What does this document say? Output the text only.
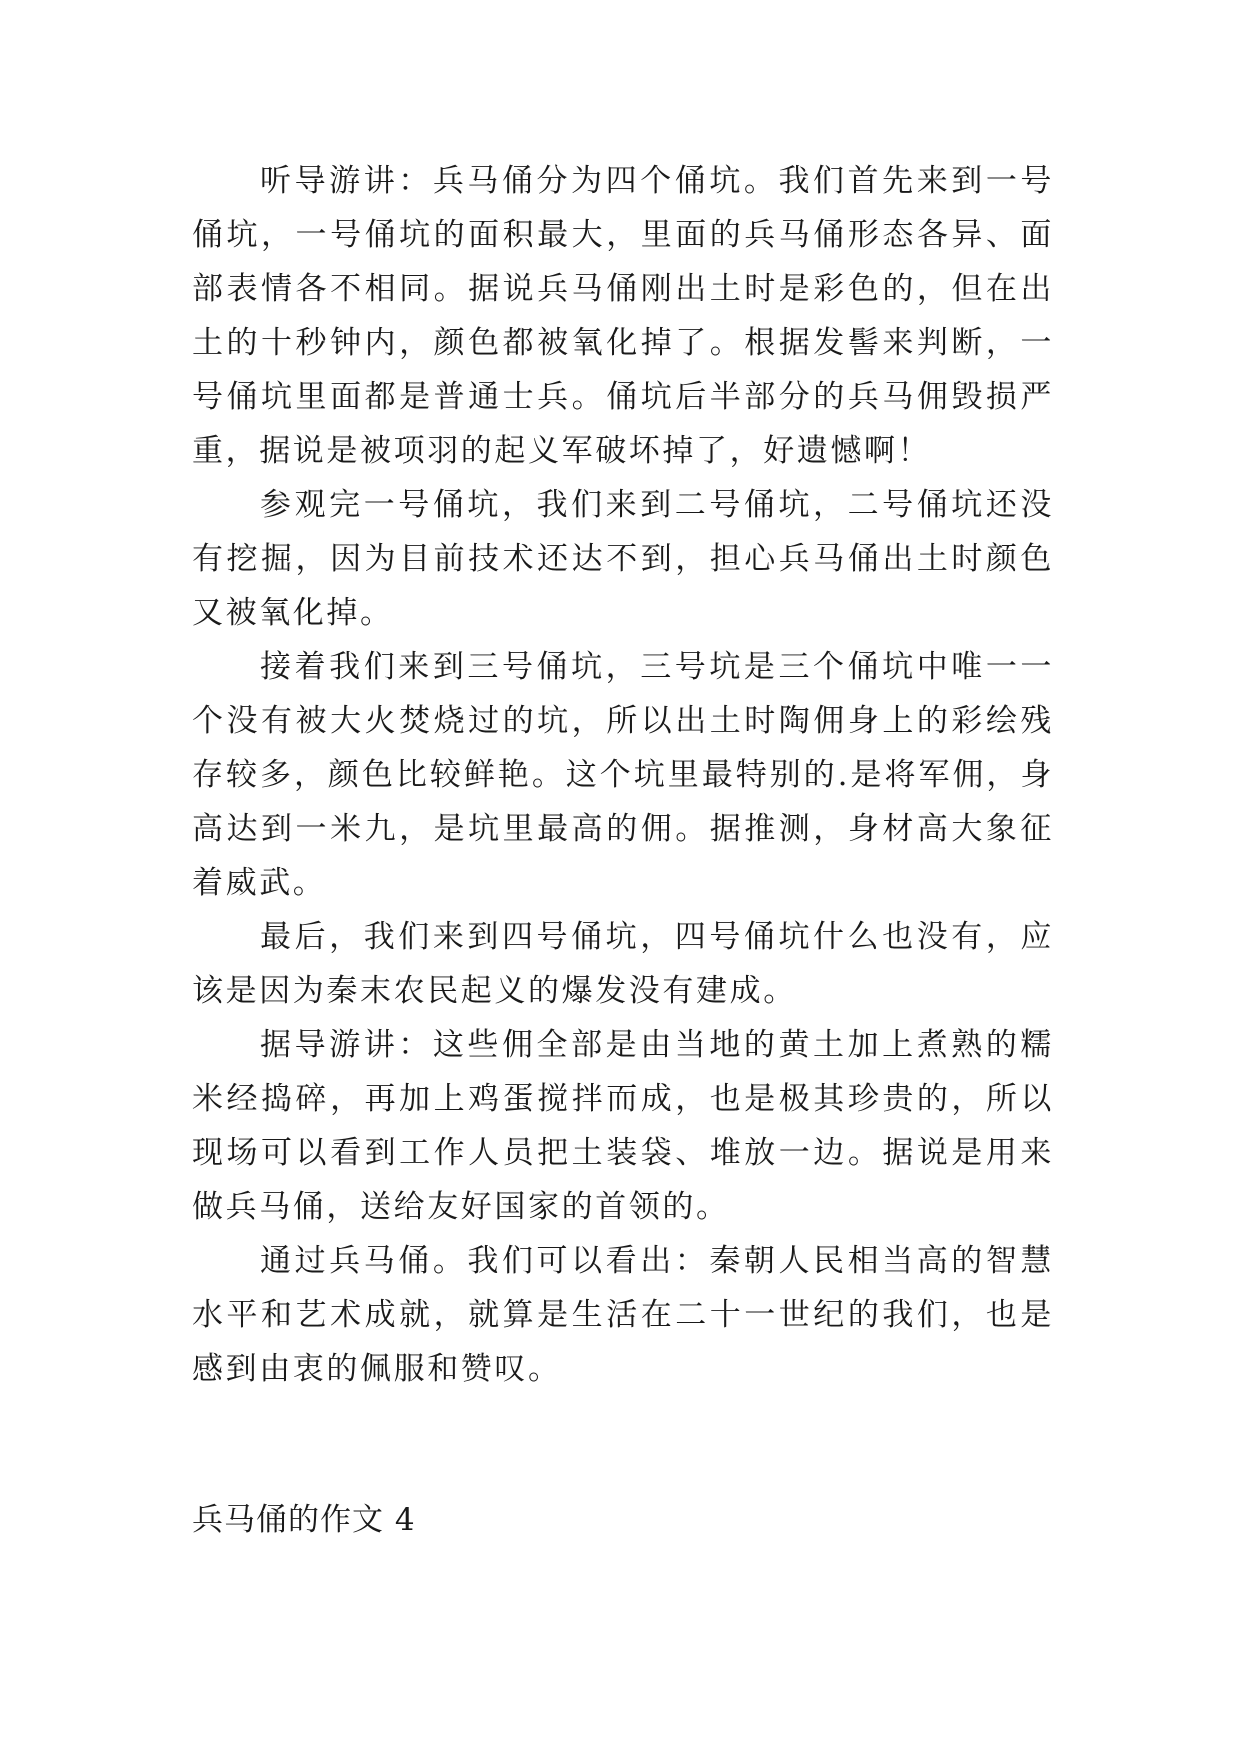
听导游讲：兵马俑分为四个俑坑。我们首先来到一号俑坑，一号俑坑的面积最大，里面的兵马俑形态各异、面部表情各不相同。据说兵马俑刚出土时是彩色的，但在出土的十秒钟内，颜色都被氧化掉了。根据发髻来判断，一号俑坑里面都是普通士兵。俑坑后半部分的兵马佣毁损严重，据说是被项羽的起义军破坏掉了，好遗憾啊！

参观完一号俑坑，我们来到二号俑坑，二号俑坑还没有挖掘，因为目前技术还达不到，担心兵马俑出土时颜色又被氧化掉。

接着我们来到三号俑坑，三号坑是三个俑坑中唯一一个没有被大火焚烧过的坑，所以出土时陶佣身上的彩绘残存较多，颜色比较鲜艳。这个坑里最特别的.是将军佣，身高达到一米九，是坑里最高的佣。据推测，身材高大象征着威武。

最后，我们来到四号俑坑，四号俑坑什么也没有，应该是因为秦末农民起义的爆发没有建成。

据导游讲：这些佣全部是由当地的黄土加上煮熟的糯米经捣碎，再加上鸡蛋搅拌而成，也是极其珍贵的，所以现场可以看到工作人员把土装袋、堆放一边。据说是用来做兵马俑，送给友好国家的首领的。

通过兵马俑。我们可以看出：秦朝人民相当高的智慧水平和艺术成就，就算是生活在二十一世纪的我们，也是感到由衷的佩服和赞叹。

兵马俑的作文 4
